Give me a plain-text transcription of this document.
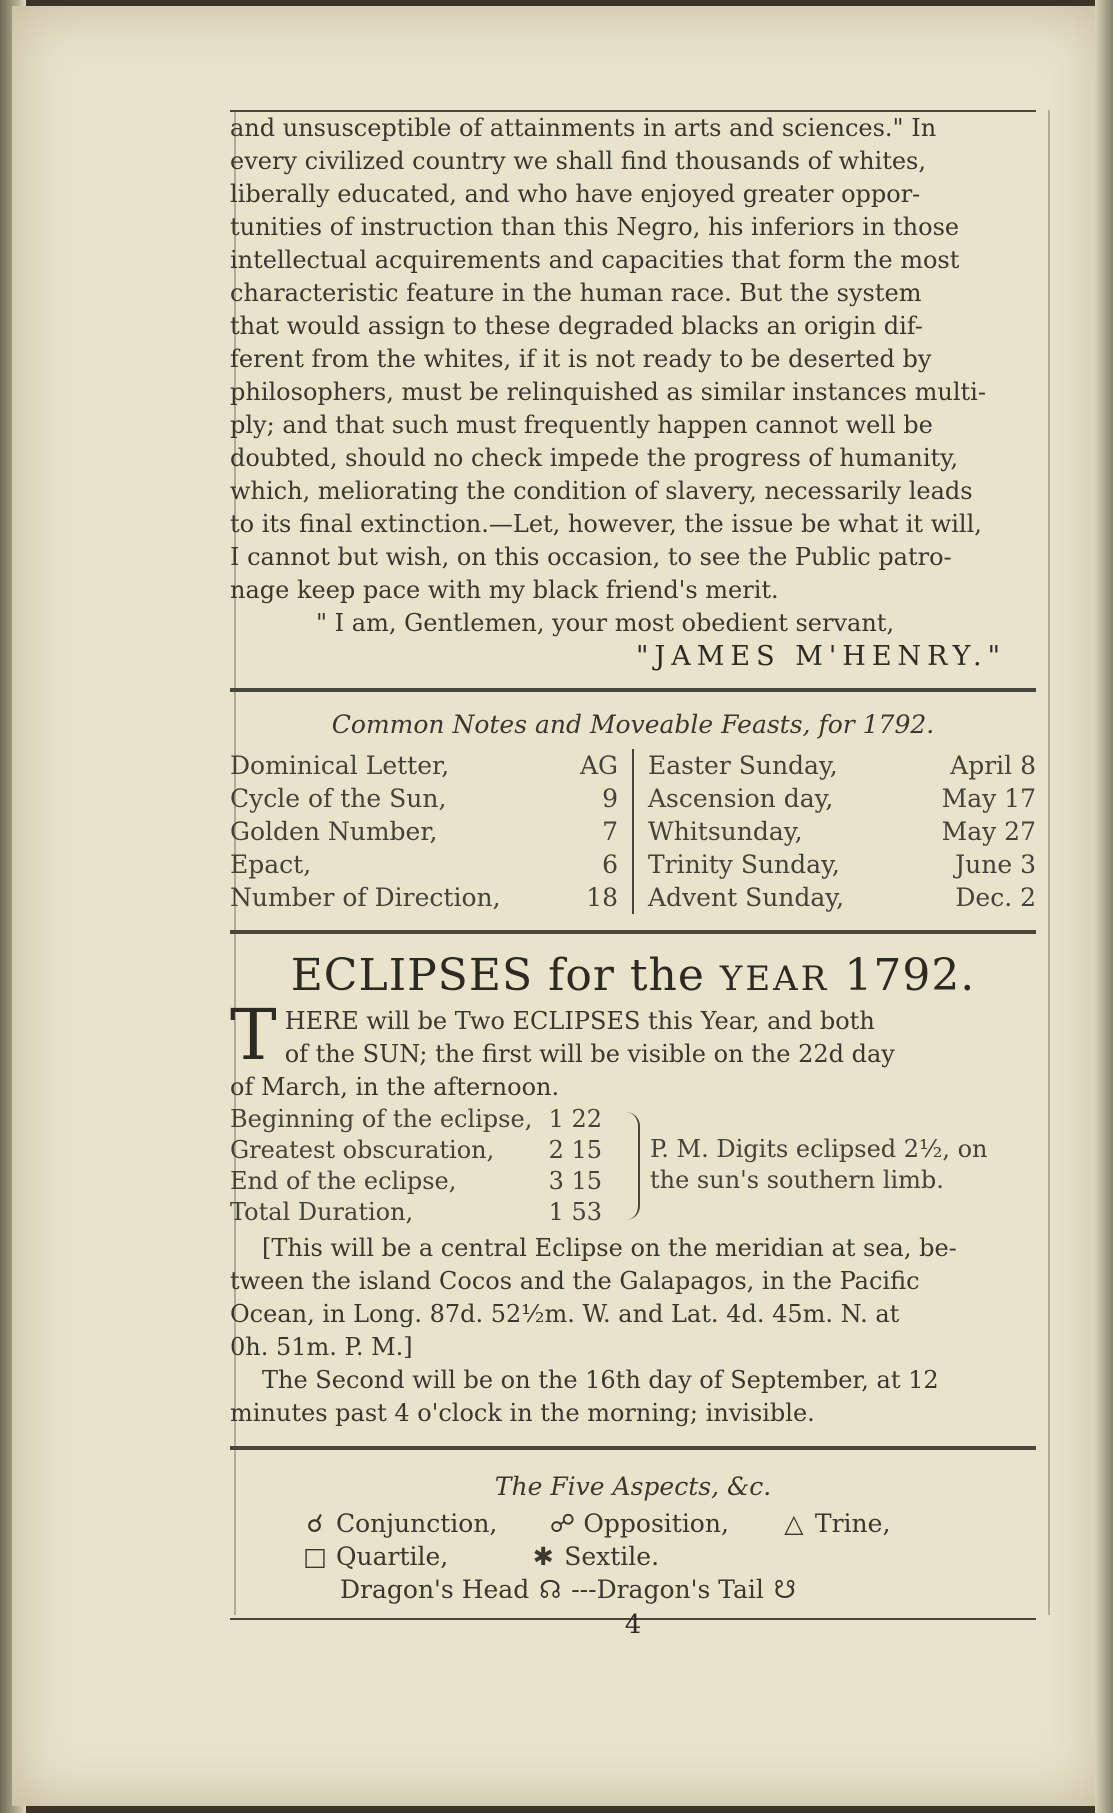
and unsusceptible of attainments in arts and sciences." In
every civilized country we shall find thousands of whites,
liberally educated, and who have enjoyed greater oppor-
tunities of instruction than this Negro, his inferiors in those
intellectual acquirements and capacities that form the most
characteristic feature in the human race. But the system
that would assign to these degraded blacks an origin dif-
ferent from the whites, if it is not ready to be deserted by
philosophers, must be relinquished as similar instances multi-
ply; and that such must frequently happen cannot well be
doubted, should no check impede the progress of humanity,
which, meliorating the condition of slavery, necessarily leads
to its final extinction.—Let, however, the issue be what it will,
I cannot but wish, on this occasion, to see the Public patro-
nage keep pace with my black friend's merit.
" I am, Gentlemen, your most obedient servant,
"JAMES M'HENRY."
Common Notes and Moveable Feasts, for 1792.
Dominical Letter,	AG
Cycle of the Sun,	9
Golden Number,	7
Epact,	6
Number of Direction,	18
Easter Sunday,	April 8
Ascension day,	May 17
Whitsunday,	May 27
Trinity Sunday,	June 3
Advent Sunday,	Dec. 2
ECLIPSES for the YEAR 1792.
T HERE will be Two ECLIPSES this Year, and both
of the SUN; the first will be visible on the 22d day
of March, in the afternoon.
Beginning of the eclipse, 1 22
Greatest obscuration, 2 15
End of the eclipse,	3 15
Total Duration,	1 53
P. M. Digits eclipsed 2½, on the sun's southern limb.
[This will be a central Eclipse on the meridian at sea, be-
tween the island Cocos and the Galapagos, in the Pacific
Ocean, in Long. 87d. 52½m. W. and Lat. 4d. 45m. N. at
0h. 51m. P. M.]
The Second will be on the 16th day of September, at 12
minutes past 4 o'clock in the morning; invisible.
The Five Aspects, &c.
☌ Conjunction, ☍ Opposition, △ Trine,
□ Quartile,	✱ Sextile.
Dragon's Head ☊ --- Dragon's Tail ☋
4
